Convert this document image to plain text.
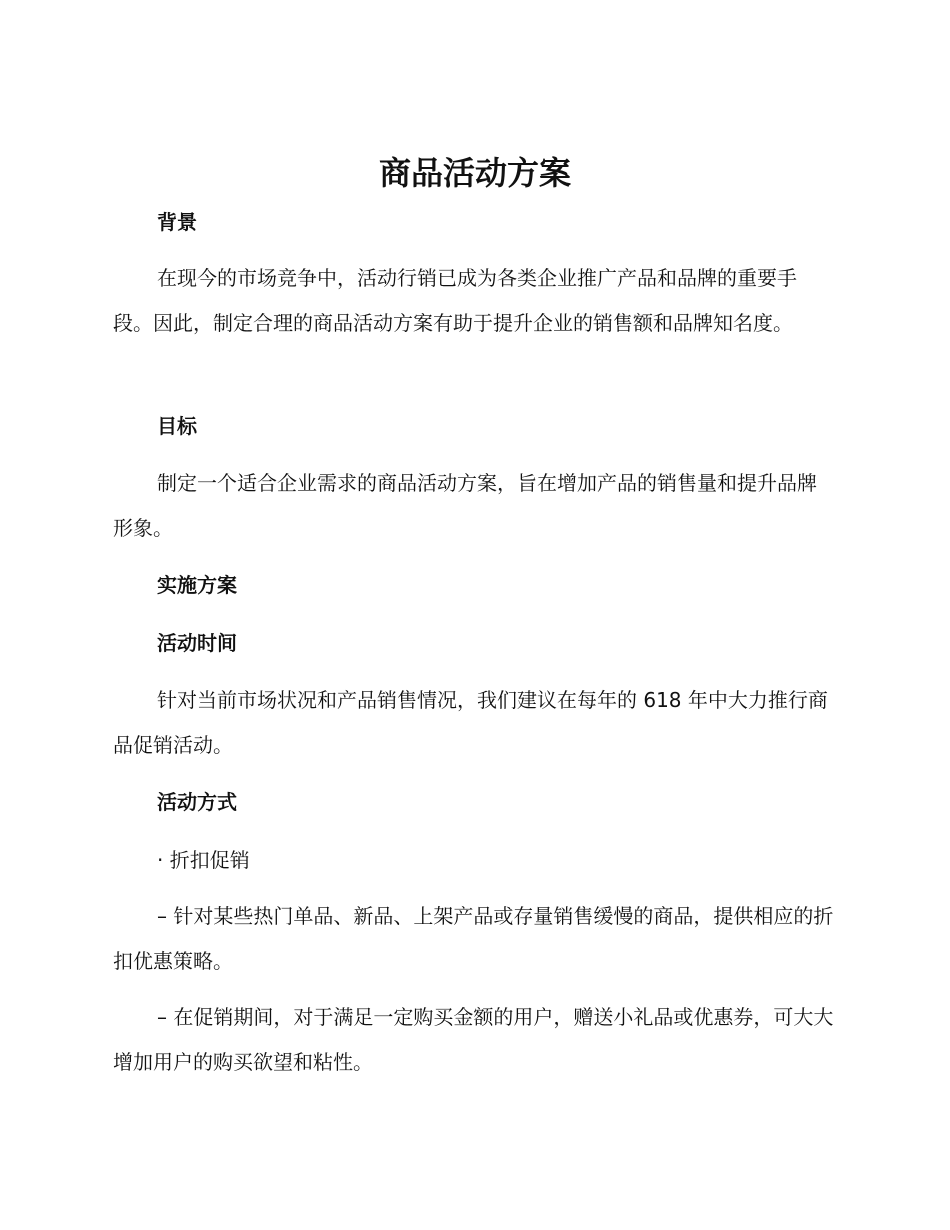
商品活动方案
背景

在现今的市场竞争中，活动行销已成为各类企业推广产品和品牌的重要手段。因此，制定合理的商品活动方案有助于提升企业的销售额和品牌知名度。

目标

制定一个适合企业需求的商品活动方案，旨在增加产品的销售量和提升品牌形象。

实施方案
活动时间

针对当前市场状况和产品销售情况，我们建议在每年的 618 年中大力推行商品促销活动。

活动方式

· 折扣促销

– 针对某些热门单品、新品、上架产品或存量销售缓慢的商品，提供相应的折扣优惠策略。

– 在促销期间，对于满足一定购买金额的用户，赠送小礼品或优惠券，可大大增加用户的购买欲望和粘性。
